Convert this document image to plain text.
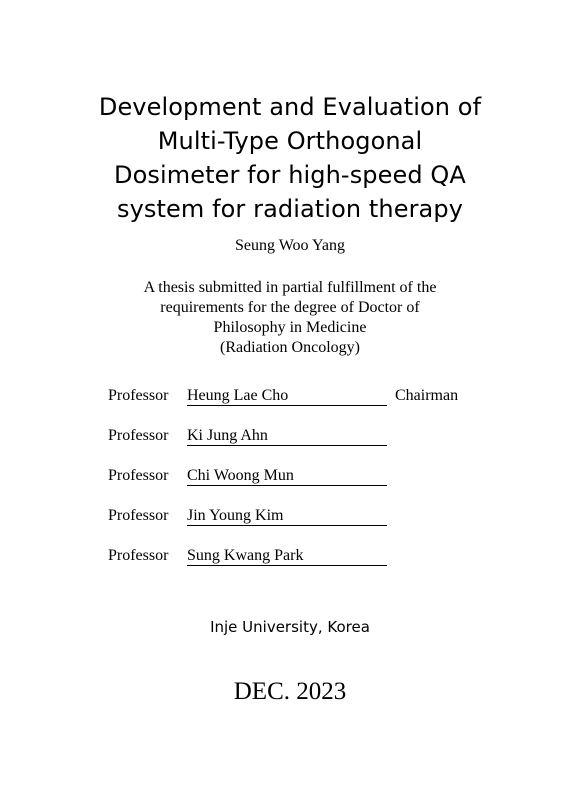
Development and Evaluation of
Multi-Type Orthogonal
Dosimeter for high-speed QA
system for radiation therapy
Seung Woo Yang
A thesis submitted in partial fulfillment of the
requirements for the degree of Doctor of
Philosophy in Medicine
(Radiation Oncology)
Professor Heung Lae Cho	Chairman
Professor Ki Jung Ahn
Professor Chi Woong Mun
Professor Jin Young Kim
Professor Sung Kwang Park
Inje University, Korea
DEC. 2023
